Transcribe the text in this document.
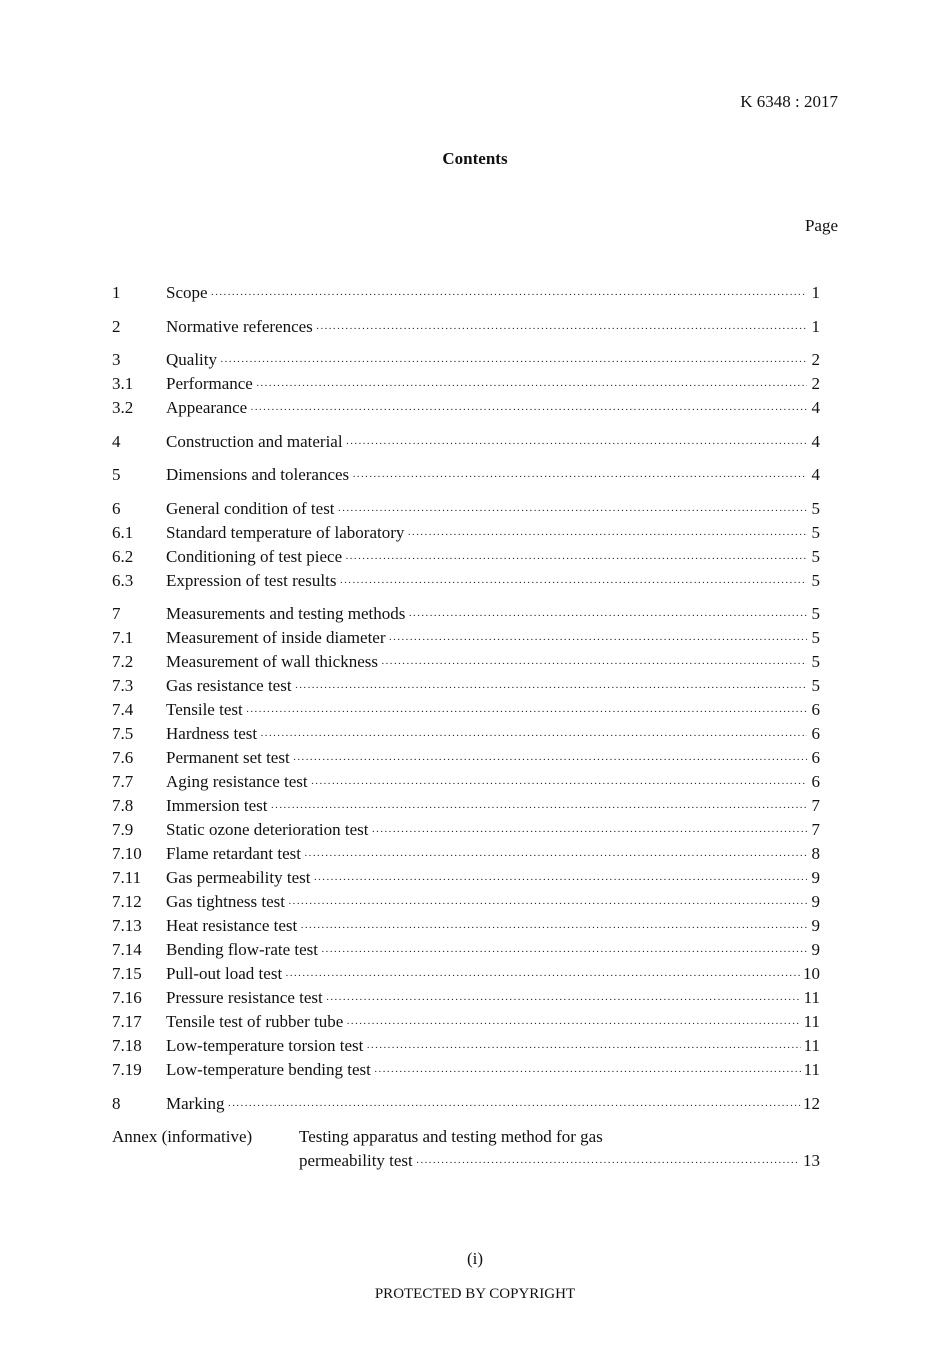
K 6348 : 2017
Contents
Page
1	Scope ·····	1
2	Normative references ·····	1
3	Quality ·····	2
3.1	Performance ·····	2
3.2	Appearance ·····	4
4	Construction and material ·····	4
5	Dimensions and tolerances ·····	4
6	General condition of test ·····	5
6.1	Standard temperature of laboratory ·····	5
6.2	Conditioning of test piece ·····	5
6.3	Expression of test results ·····	5
7	Measurements and testing methods ·····	5
7.1	Measurement of inside diameter ·····	5
7.2	Measurement of wall thickness ·····	5
7.3	Gas resistance test ·····	5
7.4	Tensile test ·····	6
7.5	Hardness test ·····	6
7.6	Permanent set test ·····	6
7.7	Aging resistance test ·····	6
7.8	Immersion test ·····	7
7.9	Static ozone deterioration test ·····	7
7.10	Flame retardant test ·····	8
7.11	Gas permeability test ·····	9
7.12	Gas tightness test ·····	9
7.13	Heat resistance test ·····	9
7.14	Bending flow-rate test ·····	9
7.15	Pull-out load test ·····	10
7.16	Pressure resistance test ·····	11
7.17	Tensile test of rubber tube ·····	11
7.18	Low-temperature torsion test ·····	11
7.19	Low-temperature bending test ·····	11
8	Marking ·····	12
Annex (informative)	Testing apparatus and testing method for gas
permeability test ·····	13
(i)
PROTECTED BY COPYRIGHT
